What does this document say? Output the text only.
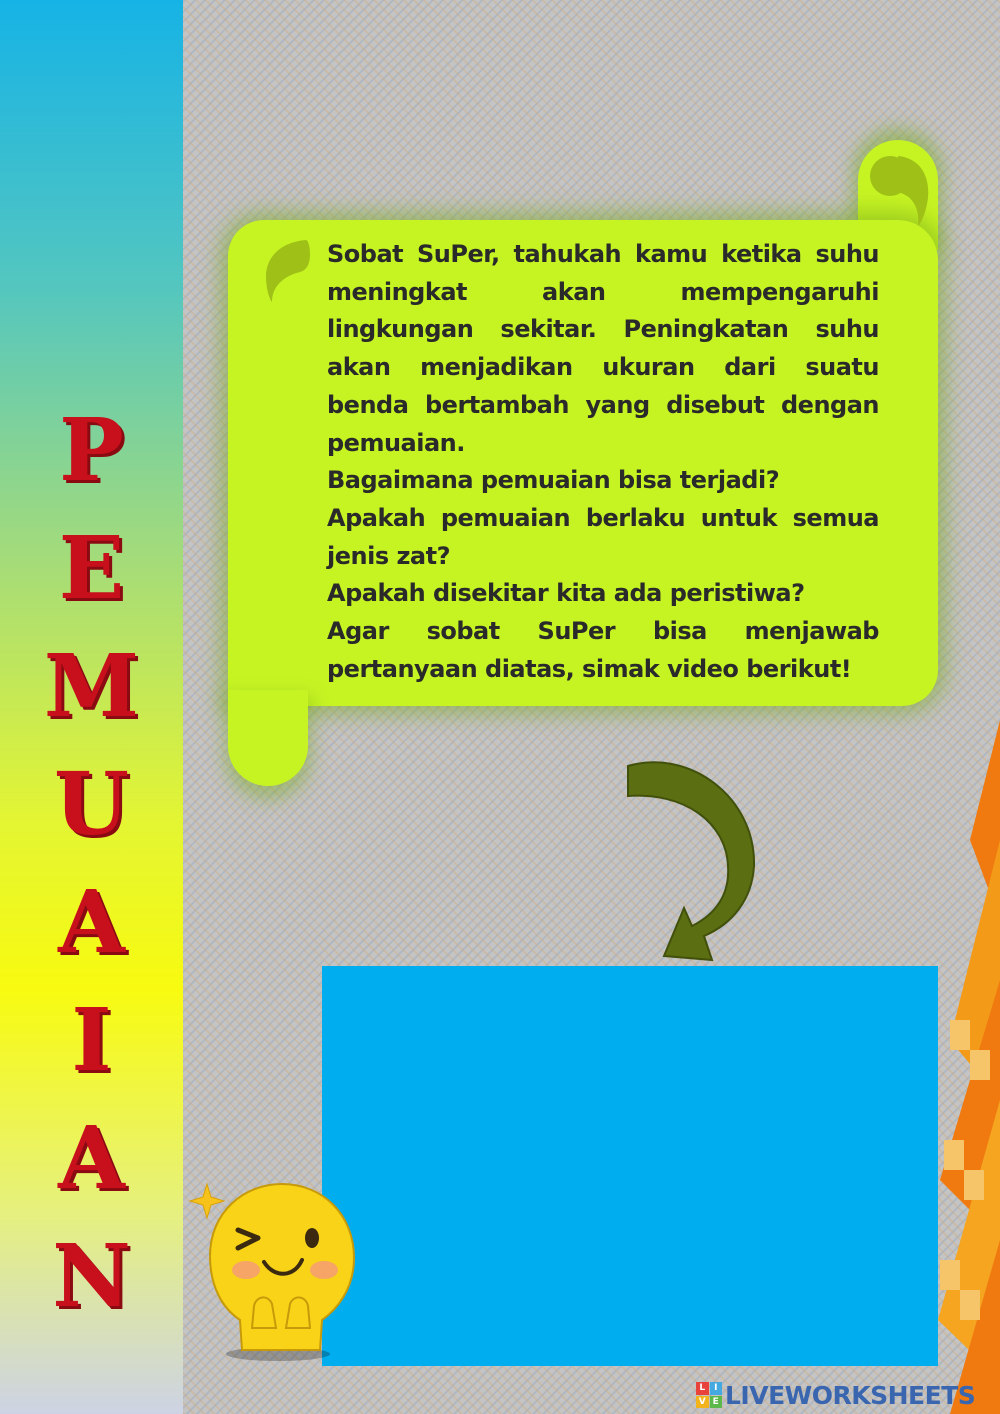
P
E
M
U
A
I
A
N

Sobat SuPer, tahukah kamu ketika suhu meningkat akan mempengaruhi lingkungan sekitar. Peningkatan suhu akan menjadikan ukuran dari suatu benda bertambah yang disebut dengan pemuaian.

Bagaimana pemuaian bisa terjadi?

Apakah pemuaian berlaku untuk semua jenis zat?

Apakah disekitar kita ada peristiwa?

Agar sobat SuPer bisa menjawab pertanyaan diatas, simak video berikut!

L I
V E LIVEWORKSHEETS
